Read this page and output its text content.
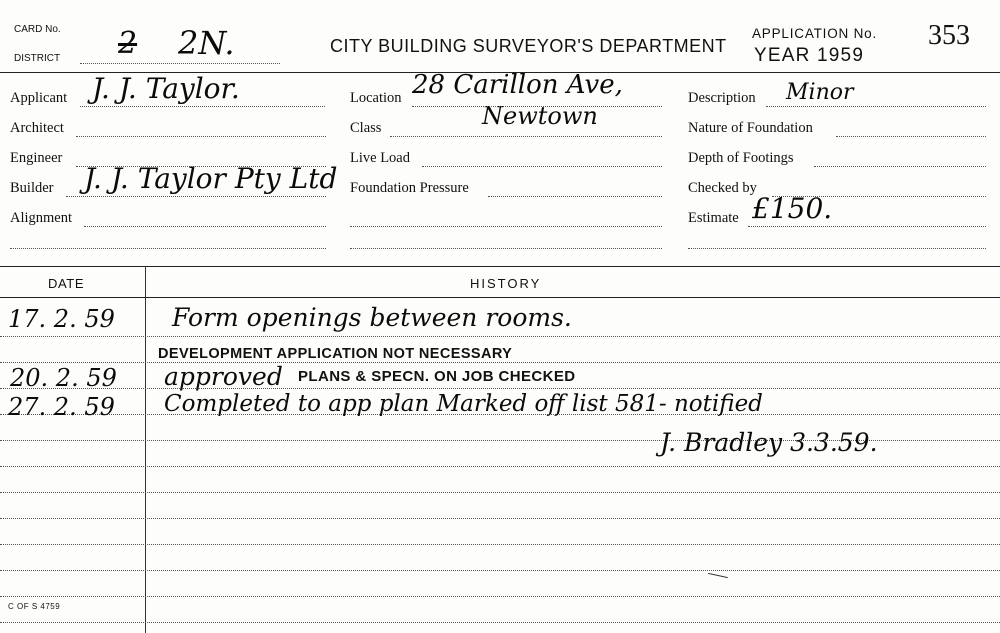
CARD No.
DISTRICT 2 2N.	CITY BUILDING SURVEYOR'S DEPARTMENT
APPLICATION No.
YEAR 1959
353
Applicant
Architect
Engineer
Builder
Alignment
J. J. Taylor.
J. J. Taylor Pty Ltd
Location
Class
Live Load
Foundation Pressure
28 Carillon Ave,
Newtown
Description
Nature of Foundation
Depth of Footings
Checked by
Estimate
Minor
£150.
DATE	HISTORY
17. 2. 59 Form openings between rooms.
DEVELOPMENT APPLICATION NOT NECESSARY
20. 2. 59 approved PLANS & SPECN. ON JOB CHECKED
27. 2. 59 Completed to app plan Marked off list 581- notified
J. Bradley 3.3.59.
C OF S 4759
